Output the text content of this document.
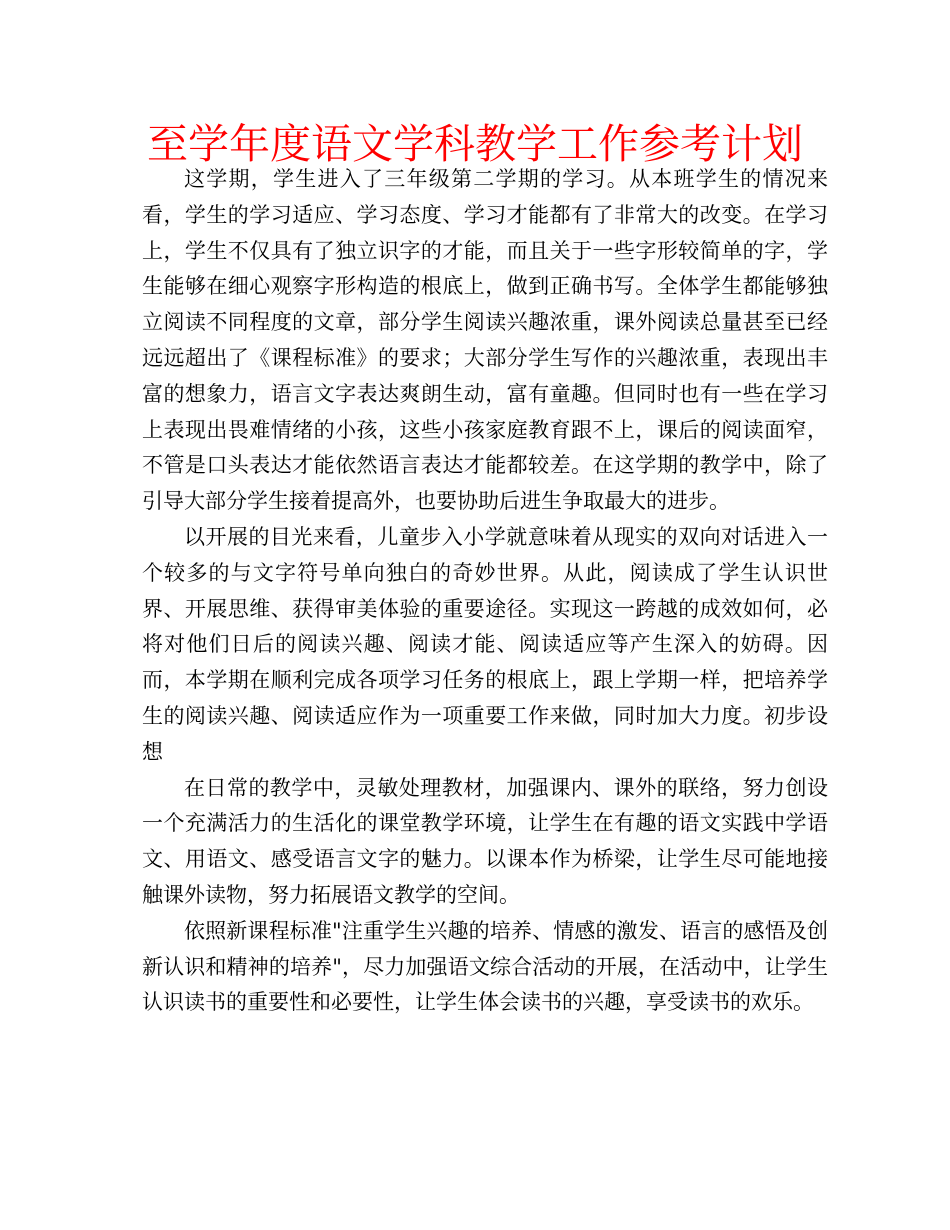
至学年度语文学科教学工作参考计划

这学期，学生进入了三年级第二学期的学习。从本班学生的情况来看，学生的学习适应、学习态度、学习才能都有了非常大的改变。在学习上，学生不仅具有了独立识字的才能，而且关于一些字形较简单的字，学生能够在细心观察字形构造的根底上，做到正确书写。全体学生都能够独立阅读不同程度的文章，部分学生阅读兴趣浓重，课外阅读总量甚至已经远远超出了《课程标准》的要求；大部分学生写作的兴趣浓重，表现出丰富的想象力，语言文字表达爽朗生动，富有童趣。但同时也有一些在学习上表现出畏难情绪的小孩，这些小孩家庭教育跟不上，课后的阅读面窄，不管是口头表达才能依然语言表达才能都较差。在这学期的教学中，除了引导大部分学生接着提高外，也要协助后进生争取最大的进步。

以开展的目光来看，儿童步入小学就意味着从现实的双向对话进入一个较多的与文字符号单向独白的奇妙世界。从此，阅读成了学生认识世界、开展思维、获得审美体验的重要途径。实现这一跨越的成效如何，必将对他们日后的阅读兴趣、阅读才能、阅读适应等产生深入的妨碍。因而，本学期在顺利完成各项学习任务的根底上，跟上学期一样，把培养学生的阅读兴趣、阅读适应作为一项重要工作来做，同时加大力度。初步设想

在日常的教学中，灵敏处理教材，加强课内、课外的联络，努力创设一个充满活力的生活化的课堂教学环境，让学生在有趣的语文实践中学语文、用语文、感受语言文字的魅力。以课本作为桥梁，让学生尽可能地接触课外读物，努力拓展语文教学的空间。

依照新课程标准"注重学生兴趣的培养、情感的激发、语言的感悟及创新认识和精神的培养"，尽力加强语文综合活动的开展，在活动中，让学生认识读书的重要性和必要性，让学生体会读书的兴趣，享受读书的欢乐。
